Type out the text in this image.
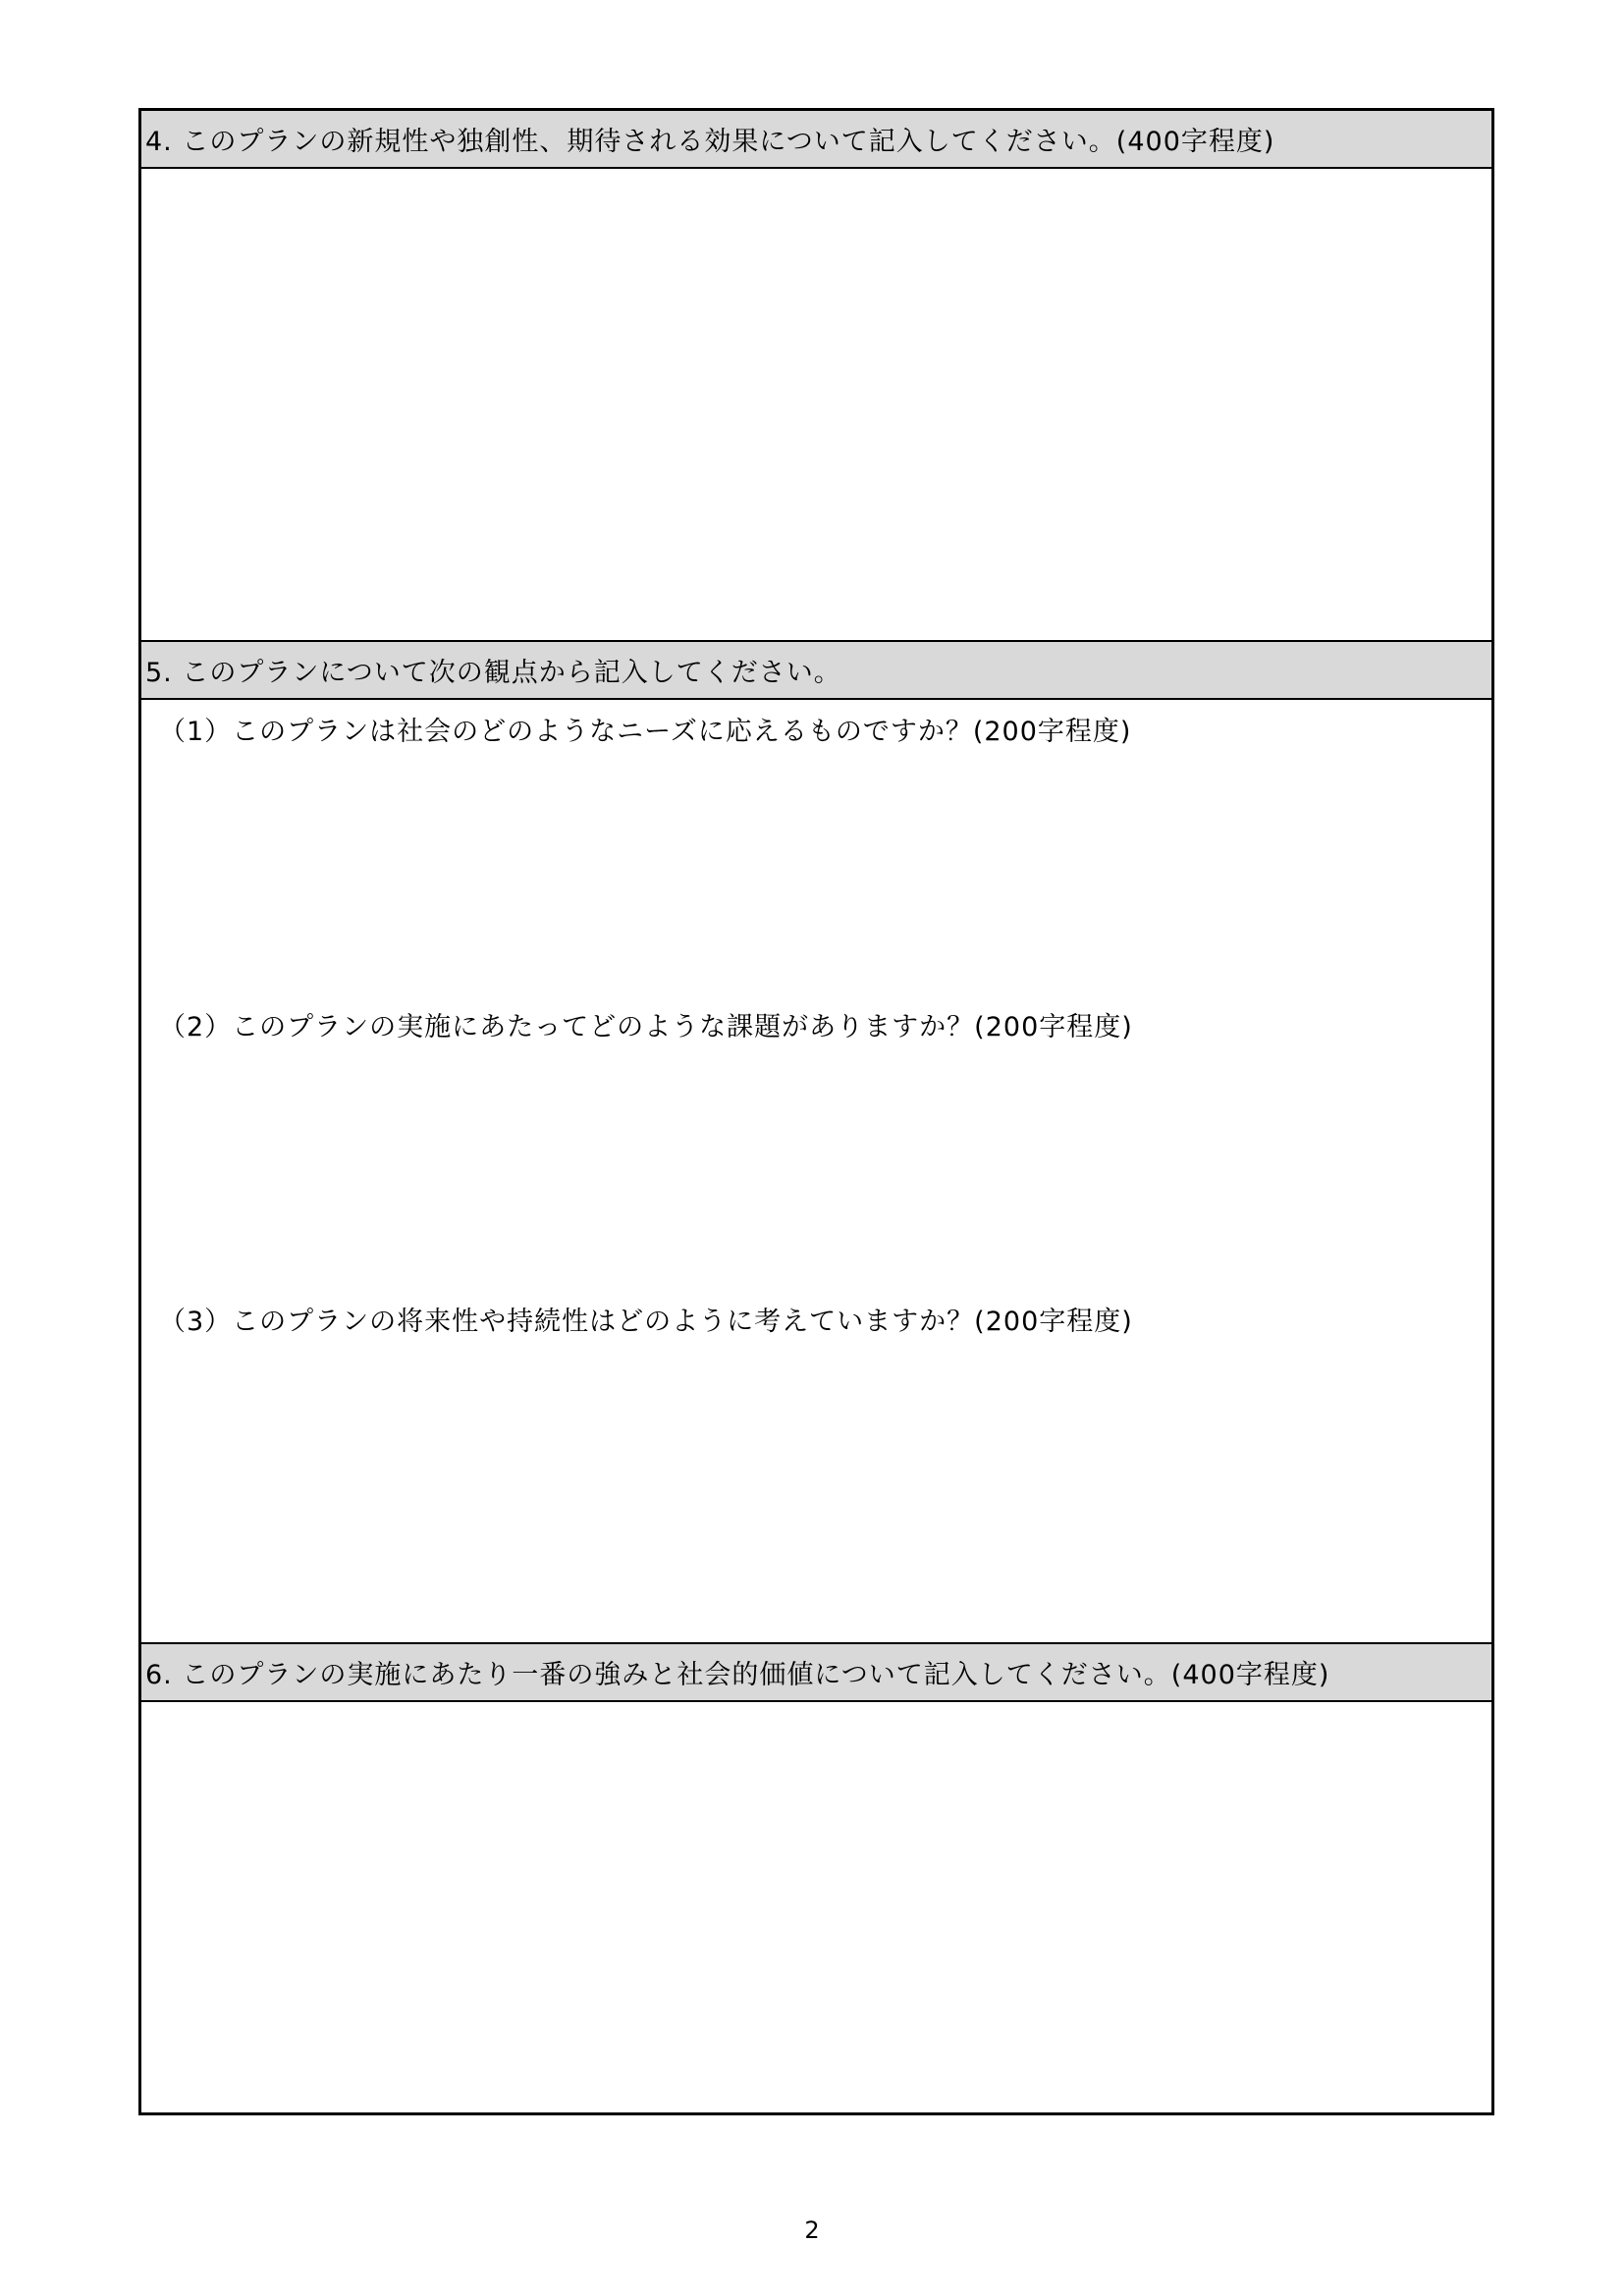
4. このプランの新規性や独創性、期待される効果について記入してください。(400字程度)
5. このプランについて次の観点から記入してください。
（1）このプランは社会のどのようなニーズに応えるものですか？(200字程度)
（2）このプランの実施にあたってどのような課題がありますか？(200字程度)
（3）このプランの将来性や持続性はどのように考えていますか？(200字程度)
6. このプランの実施にあたり一番の強みと社会的価値について記入してください。(400字程度)
2
